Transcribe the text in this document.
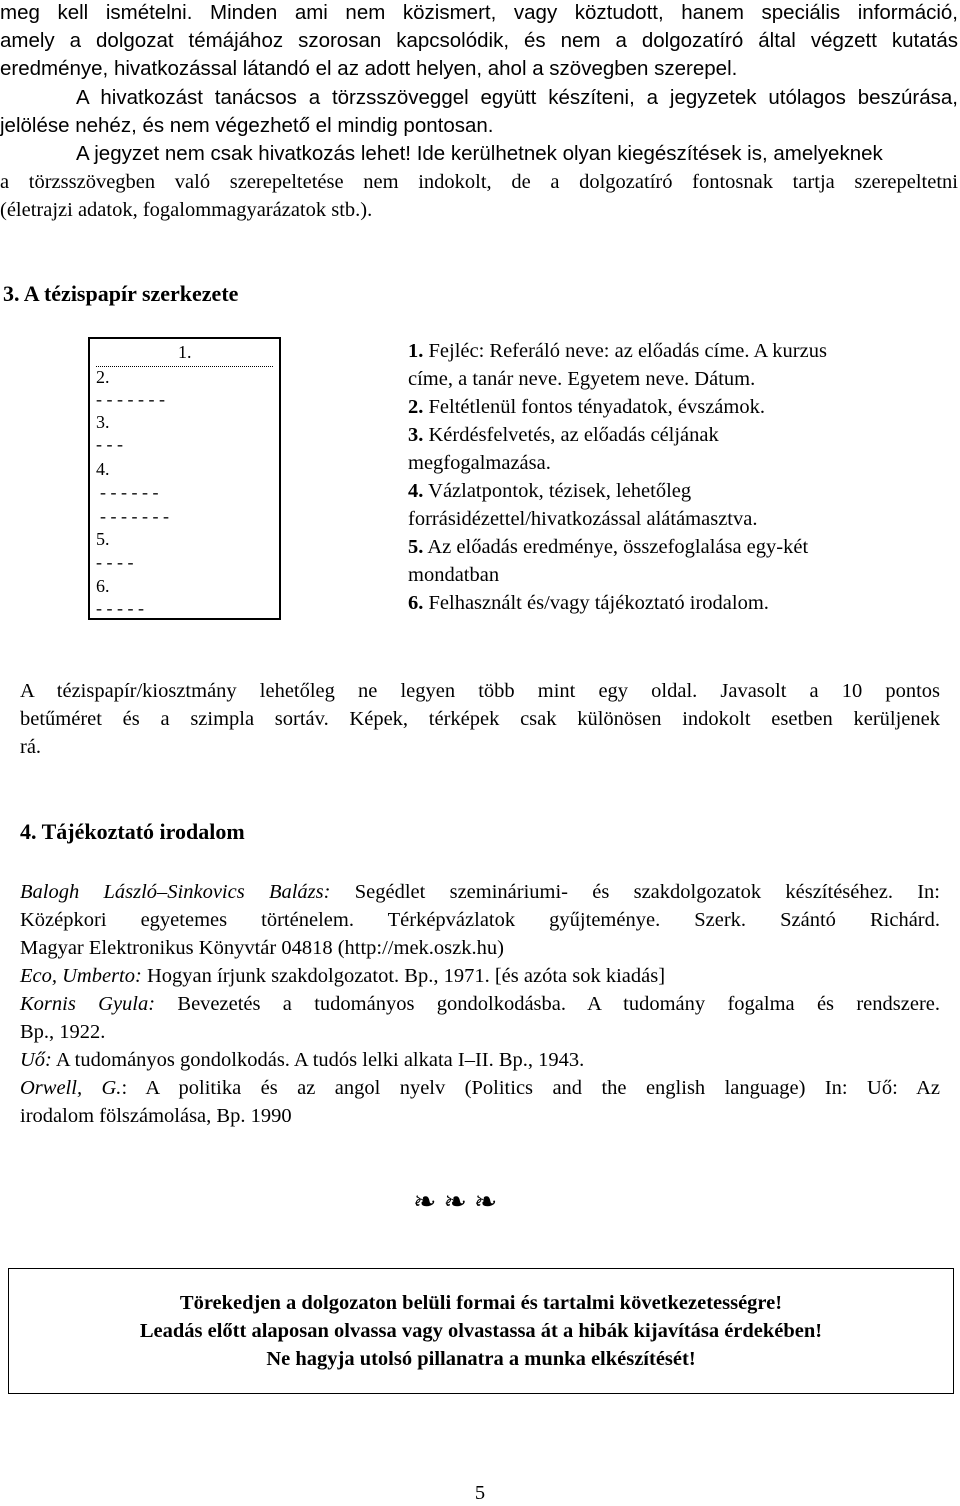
meg kell ismételni. Minden ami nem közismert, vagy köztudott, hanem speciális információ,
amely a dolgozat témájához szorosan kapcsolódik, és nem a dolgozatíró által végzett kutatás
eredménye, hivatkozással látandó el az adott helyen, ahol a szövegben szerepel.
A hivatkozást tanácsos a törzsszöveggel együtt készíteni, a jegyzetek utólagos beszúrása,
jelölése nehéz, és nem végezhető el mindig pontosan.
A jegyzet nem csak hivatkozás lehet! Ide kerülhetnek olyan kiegészítések is, amelyeknek
a törzsszövegben való szerepeltetése nem indokolt, de a dolgozatíró fontosnak tartja szerepeltetni
(életrajzi adatok, fogalommagyarázatok stb.).
3. A tézispapír szerkezete
1.
2.
- - - - - - -
3.
- - -
4.
- - - - - -
- - - - - - -
5.
- - - -
6.
- - - - -
1. Fejléc: Referáló neve: az előadás címe. A kurzus
címe, a tanár neve. Egyetem neve. Dátum.
2. Feltétlenül fontos tényadatok, évszámok.
3. Kérdésfelvetés, az előadás céljának
megfogalmazása.
4. Vázlatpontok, tézisek, lehetőleg
forrásidézettel/hivatkozással alátámasztva.
5. Az előadás eredménye, összefoglalása egy-két
mondatban
6. Felhasznált és/vagy tájékoztató irodalom.
A tézispapír/kiosztmány lehetőleg ne legyen több mint egy oldal. Javasolt a 10 pontos
betűméret és a szimpla sortáv. Képek, térképek csak különösen indokolt esetben kerüljenek
rá.
4. Tájékoztató irodalom
Balogh László–Sinkovics Balázs: Segédlet szemináriumi- és szakdolgozatok készítéséhez. In:
Középkori egyetemes történelem. Térképvázlatok gyűjteménye. Szerk. Szántó Richárd.
Magyar Elektronikus Könyvtár 04818 (http://mek.oszk.hu)
Eco, Umberto: Hogyan írjunk szakdolgozatot. Bp., 1971. [és azóta sok kiadás]
Kornis Gyula: Bevezetés a tudományos gondolkodásba. A tudomány fogalma és rendszere.
Bp., 1922.
Uő: A tudományos gondolkodás. A tudós lelki alkata I–II. Bp., 1943.
Orwell, G.: A politika és az angol nyelv (Politics and the english language) In: Uő: Az
irodalom fölszámolása, Bp. 1990
❧ ❧ ❧
Törekedjen a dolgozaton belüli formai és tartalmi következetességre!
Leadás előtt alaposan olvassa vagy olvastassa át a hibák kijavítása érdekében!
Ne hagyja utolsó pillanatra a munka elkészítését!
5
